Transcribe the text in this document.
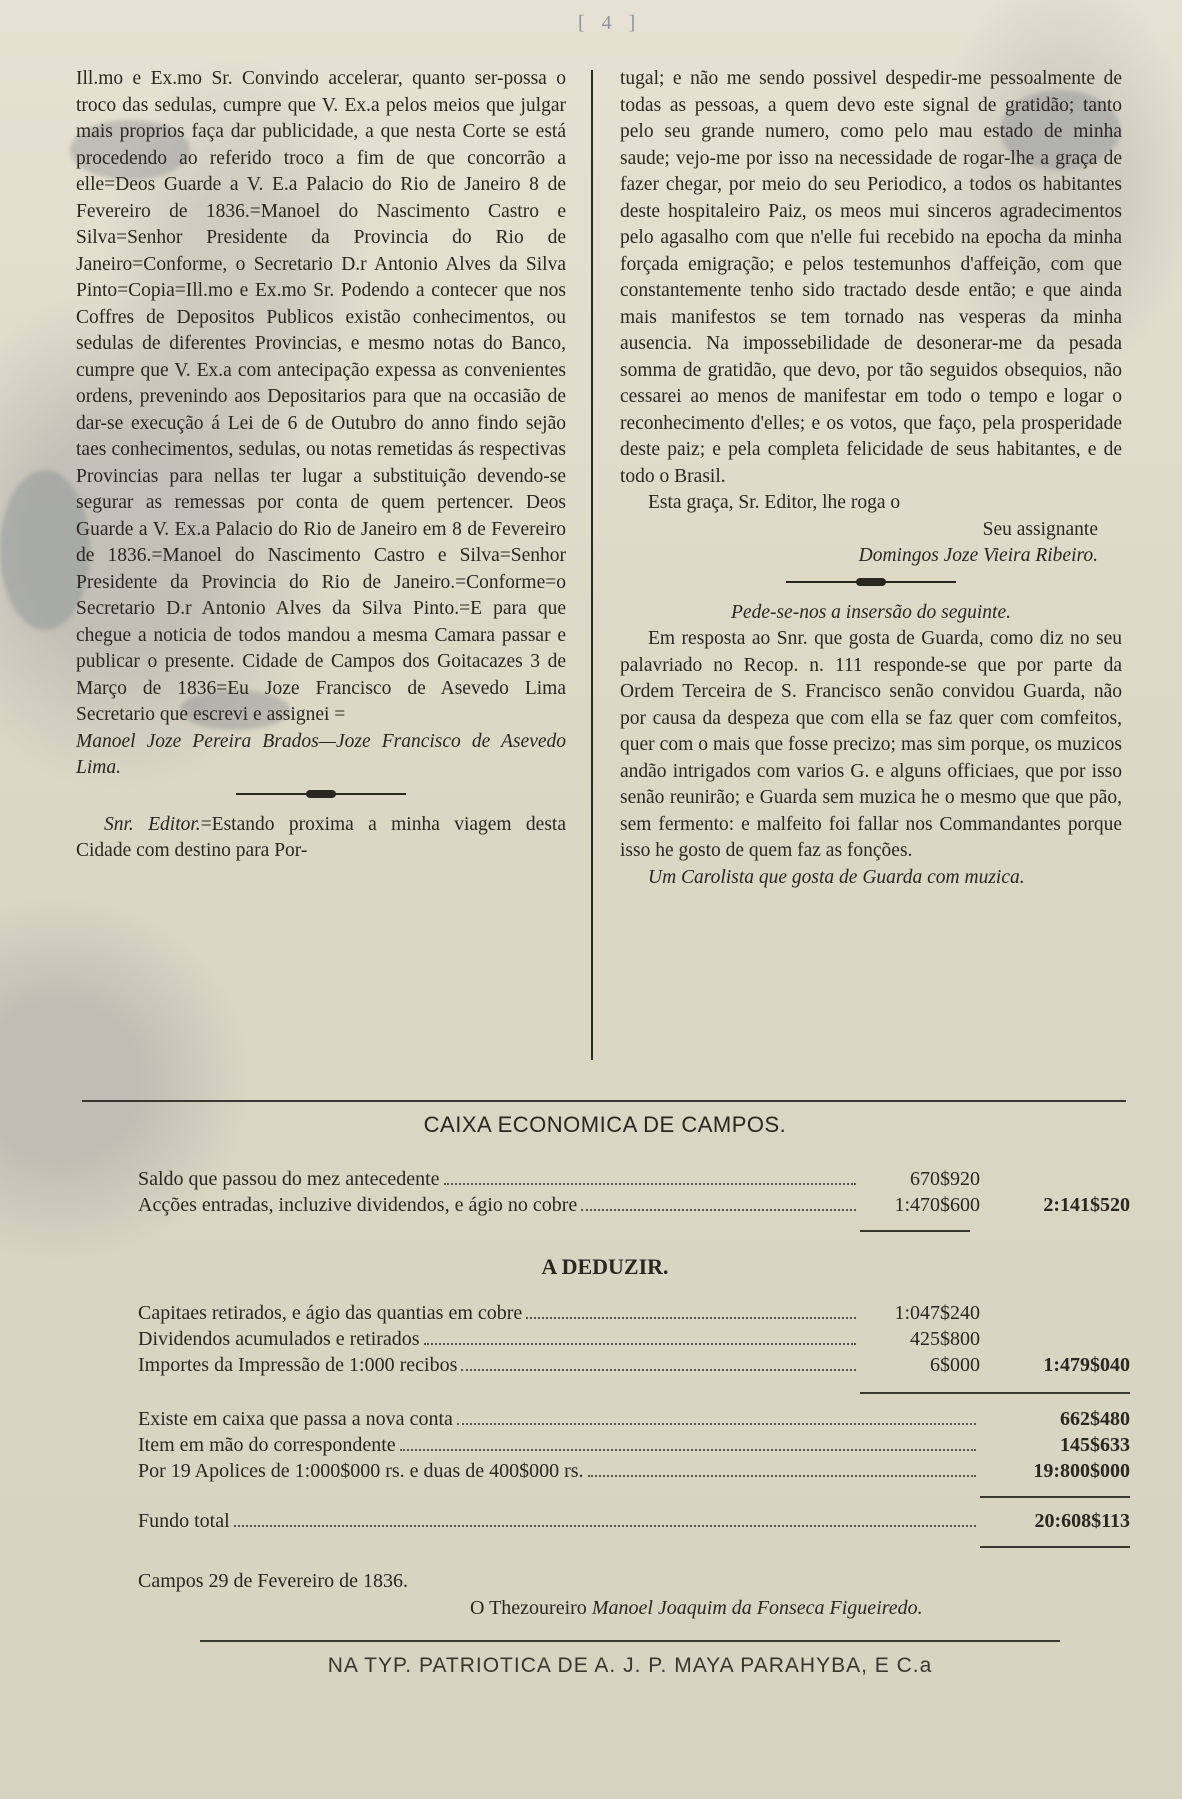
[ 4 ]

Ill.mo e Ex.mo Sr. Convindo accelerar, quanto ser-possa o troco das sedulas, cumpre que V. Ex.a pelos meios que julgar mais proprios faça dar publicidade, a que nesta Corte se está procedendo ao referido troco a fim de que concorrão a elle=Deos Guarde a V. E.a Palacio do Rio de Janeiro 8 de Fevereiro de 1836.=Manoel do Nascimento Castro e Silva=Senhor Presidente da Provincia do Rio de Janeiro=Conforme, o Secretario D.r Antonio Alves da Silva Pinto=Copia=Ill.mo e Ex.mo Sr. Podendo a contecer que nos Coffres de Depositos Publicos existão conhecimentos, ou sedulas de diferentes Provincias, e mesmo notas do Banco, cumpre que V. Ex.a com antecipação expessa as convenientes ordens, prevenindo aos Depositarios para que na occasião de dar-se execução á Lei de 6 de Outubro do anno findo sejão taes conhecimentos, sedulas, ou notas remetidas ás respectivas Provincias para nellas ter lugar a substituição devendo-se segurar as remessas por conta de quem pertencer. Deos Guarde a V. Ex.a Palacio do Rio de Janeiro em 8 de Fevereiro de 1836.=Manoel do Nascimento Castro e Silva=Senhor Presidente da Provincia do Rio de Janeiro.=Conforme=o Secretario D.r Antonio Alves da Silva Pinto.=E para que chegue a noticia de todos mandou a mesma Camara passar e publicar o presente. Cidade de Campos dos Goitacazes 3 de Março de 1836=Eu Joze Francisco de Asevedo Lima Secretario que escrevi e assignei =

Manoel Joze Pereira Brados—Joze Francisco de Asevedo Lima.

Snr. Editor.=Estando proxima a minha viagem desta Cidade com destino para Por-

tugal; e não me sendo possivel despedir-me pessoalmente de todas as pessoas, a quem devo este signal de gratidão; tanto pelo seu grande numero, como pelo mau estado de minha saude; vejo-me por isso na necessidade de rogar-lhe a graça de fazer chegar, por meio do seu Periodico, a todos os habitantes deste hospitaleiro Paiz, os meos mui sinceros agradecimentos pelo agasalho com que n'elle fui recebido na epocha da minha forçada emigração; e pelos testemunhos d'affeição, com que constantemente tenho sido tractado desde então; e que ainda mais manifestos se tem tornado nas vesperas da minha ausencia. Na impossebilidade de desonerar-me da pesada somma de gratidão, que devo, por tão seguidos obsequios, não cessarei ao menos de manifestar em todo o tempo e logar o reconhecimento d'elles; e os votos, que faço, pela prosperidade deste paiz; e pela completa felicidade de seus habitantes, e de todo o Brasil.

Esta graça, Sr. Editor, lhe roga o

Seu assignante

Domingos Joze Vieira Ribeiro.

Pede-se-nos a insersão do seguinte.

Em resposta ao Snr. que gosta de Guarda, como diz no seu palavriado no Recop. n. 111 responde-se que por parte da Ordem Terceira de S. Francisco senão convidou Guarda, não por causa da despeza que com ella se faz quer com comfeitos, quer com o mais que fosse precizo; mas sim porque, os muzicos andão intrigados com varios G. e alguns officiaes, que por isso senão reunirão; e Guarda sem muzica he o mesmo que que pão, sem fermento: e malfeito foi fallar nos Commandantes porque isso he gosto de quem faz as fonções.

Um Carolista que gosta de Guarda com muzica.

CAIXA ECONOMICA DE CAMPOS.
Saldo que passou do mez antecedente	670$920
Acções entradas, incluzive dividendos, e ágio no cobre	1:470$600	2:141$520
A DEDUZIR.
Capitaes retirados, e ágio das quantias em cobre	1:047$240
Dividendos acumulados e retirados	425$800
Importes da Impressão de 1:000 recibos	6$000	1:479$040
Existe em caixa que passa a nova conta	662$480
Item em mão do correspondente	145$633
Por 19 Apolices de 1:000$000 rs. e duas de 400$000 rs.	19:800$000
Fundo total	20:608$113
Campos 29 de Fevereiro de 1836.
O Thezoureiro Manoel Joaquim da Fonseca Figueiredo.
NA TYP. PATRIOTICA DE A. J. P. MAYA PARAHYBA, E C.a
